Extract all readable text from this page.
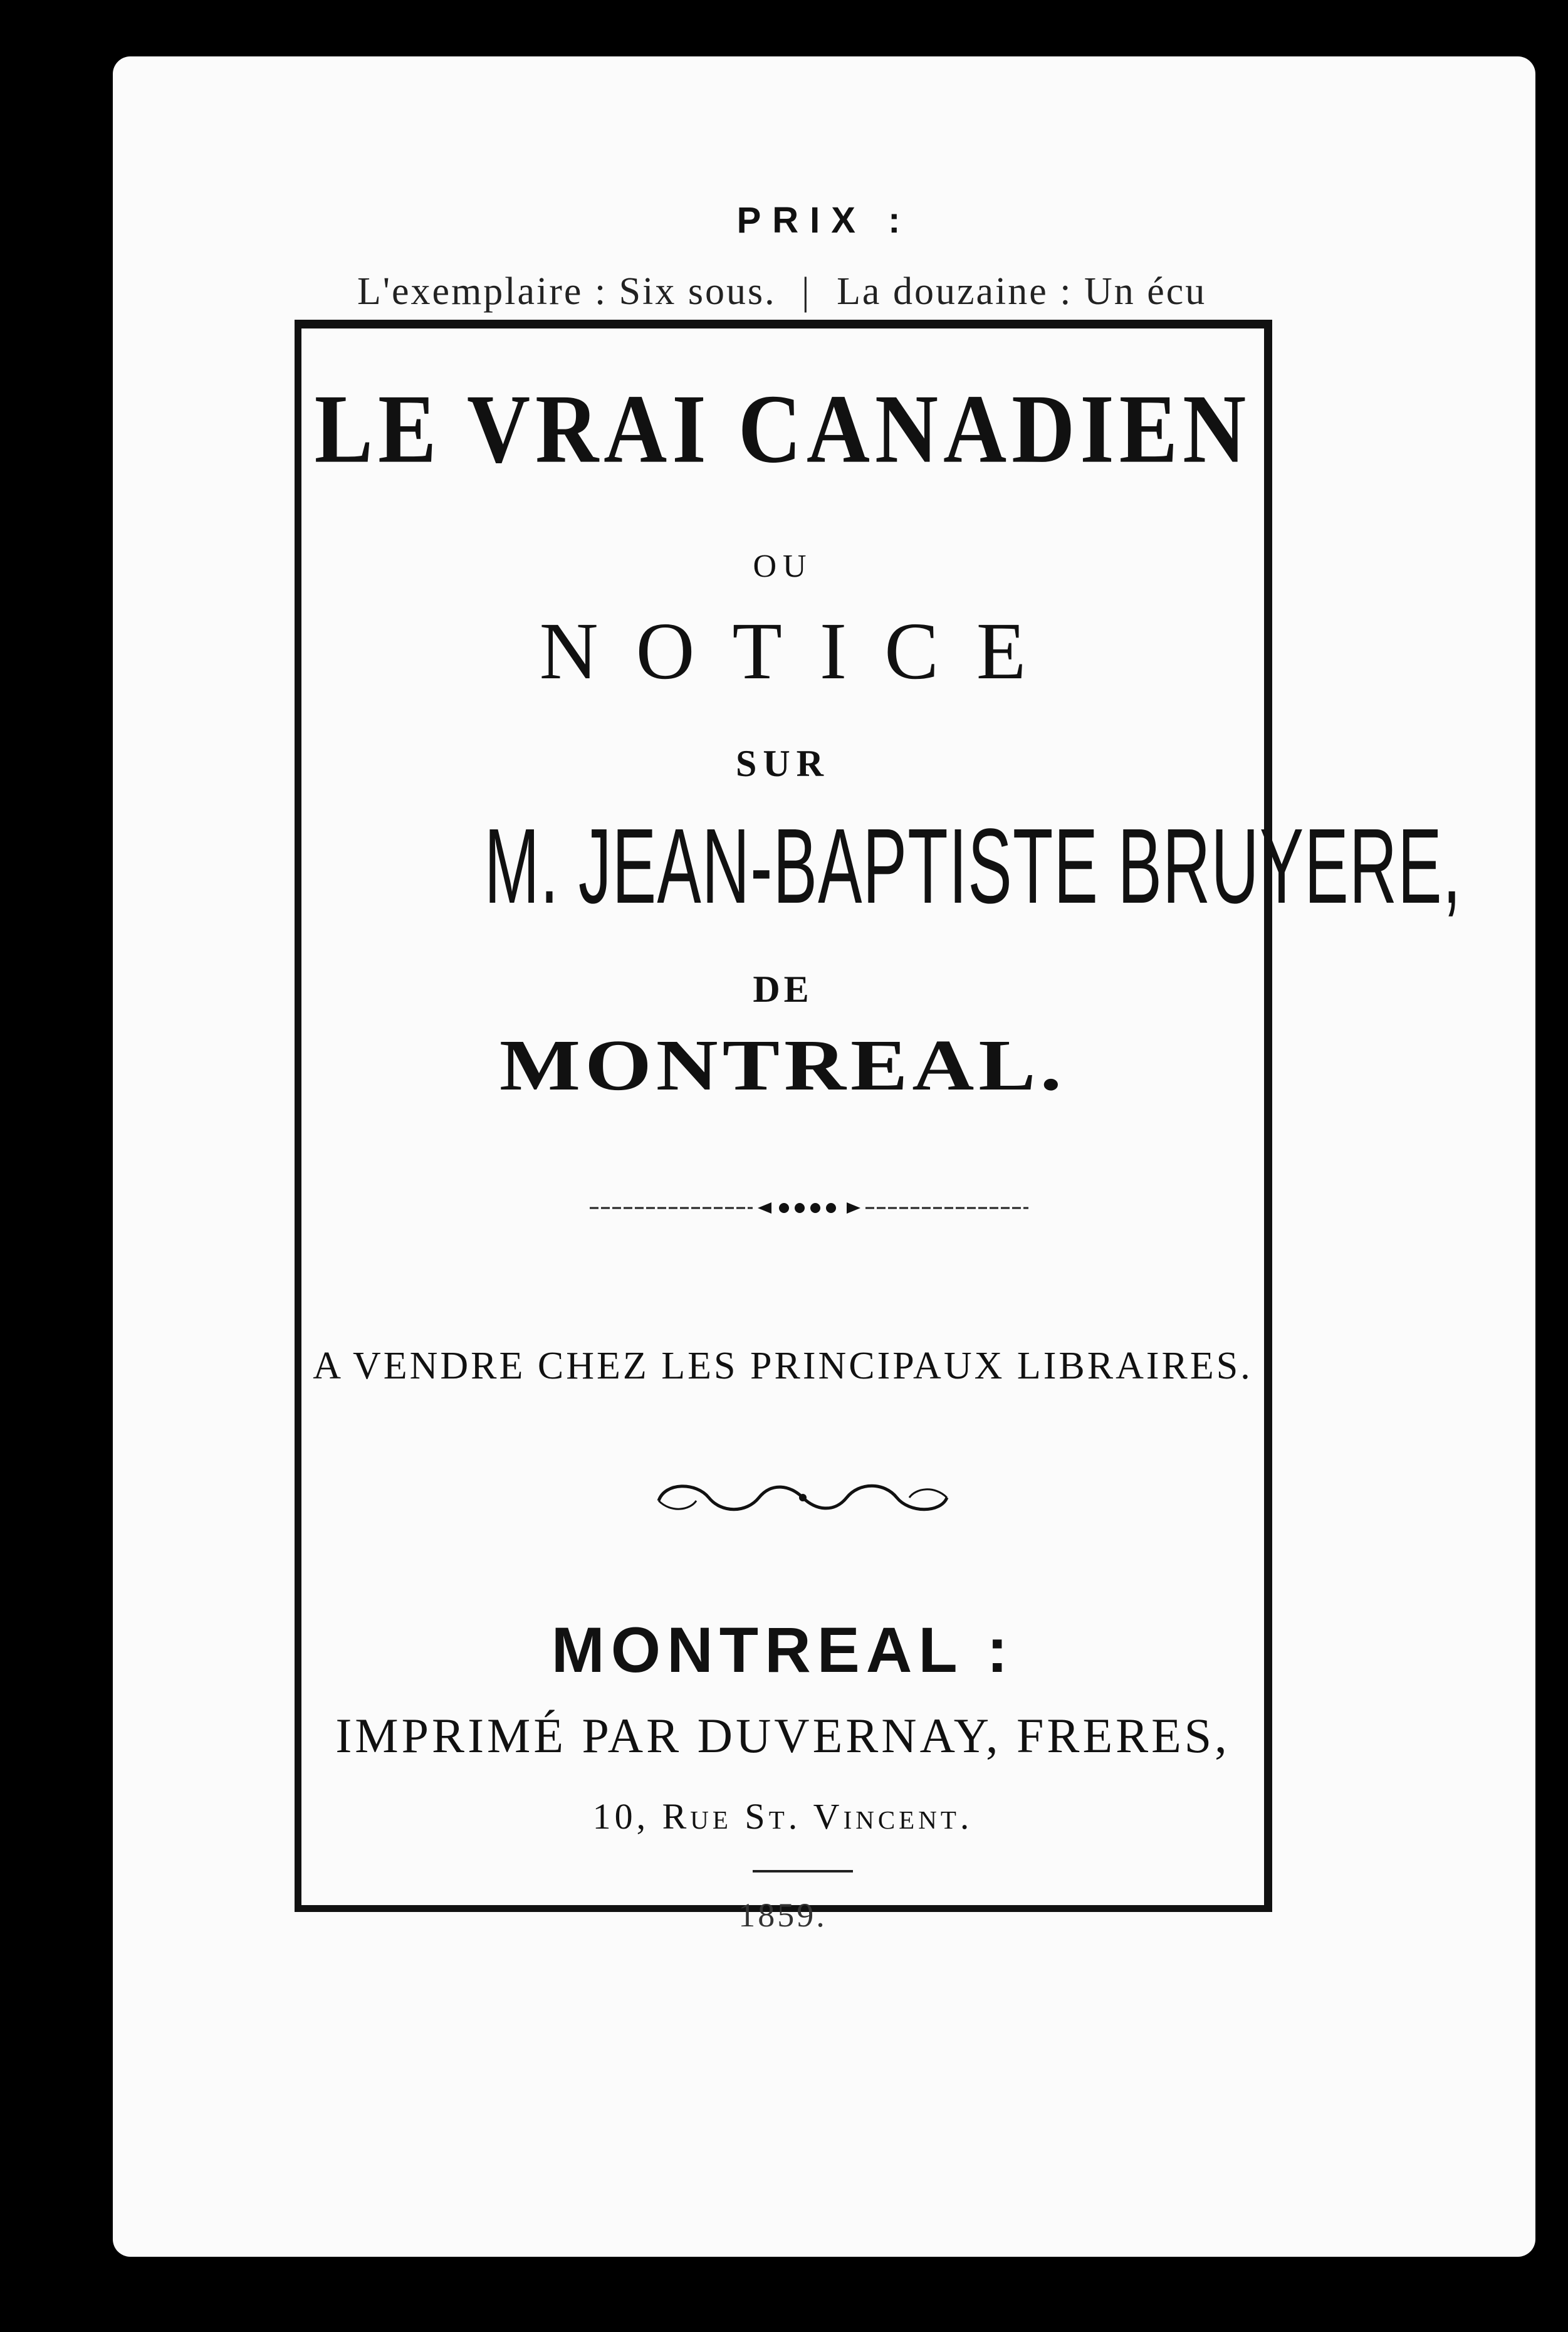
PRIX :
L'exemplaire : Six sous. | La douzaine : Un écu
LE VRAI CANADIEN
OU
NOTICE
SUR
M. JEAN-BAPTISTE BRUYERE,
DE
MONTREAL.
A VENDRE CHEZ LES PRINCIPAUX LIBRAIRES.
MONTREAL :
IMPRIMÉ PAR DUVERNAY, FRERES,
10, Rue St. Vincent.
1859.
